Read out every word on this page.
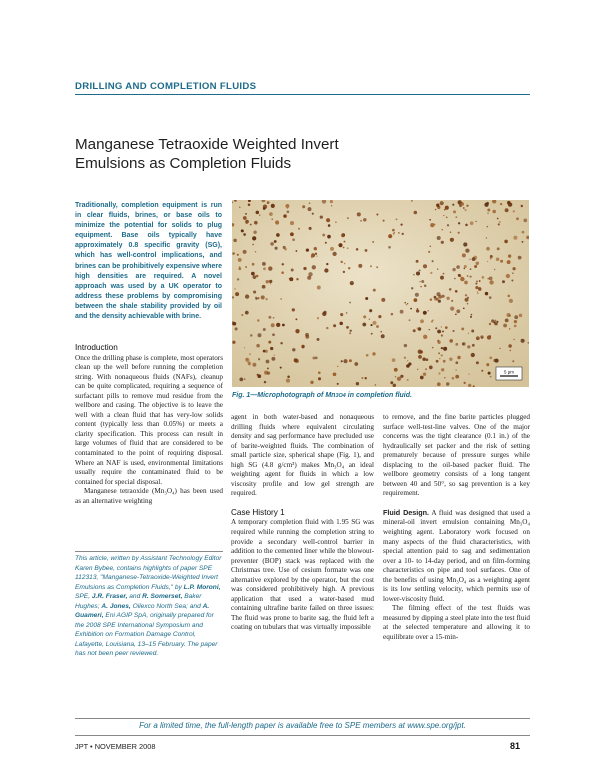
DRILLING AND COMPLETION FLUIDS
Manganese Tetraoxide Weighted Invert
Emulsions as Completion Fluids
Traditionally, completion equipment is run in clear fluids, brines, or base oils to minimize the potential for solids to plug equipment. Base oils typically have approximately 0.8 specific gravity (SG), which has well-control implications, and brines can be prohibitively expensive where high densities are required. A novel approach was used by a UK operator to address these problems by compromising between the shale stability provided by oil and the density achievable with brine.
5 μm
Fig. 1—Microphotograph of Mn3O4 in completion fluid.
Introduction

Once the drilling phase is complete, most operators clean up the well before running the completion string. With nonaqueous fluids (NAFs), cleanup can be quite complicated, requiring a sequence of surfactant pills to remove mud residue from the wellbore and casing. The objective is to leave the well with a clean fluid that has very-low solids content (typically less than 0.05%) or meets a clarity specification. This process can result in large volumes of fluid that are considered to be contaminated to the point of requiring disposal. Where an NAF is used, environmental limitations usually require the contaminated fluid to be contained for special disposal.

Manganese tetraoxide (Mn₃O₄) has been used as an alternative weighting

agent in both water-based and nonaqueous drilling fluids where equivalent circulating density and sag performance have precluded use of barite-weighted fluids. The combination of small particle size, spherical shape (Fig. 1), and high SG (4.8 g/cm³) makes Mn₃O₄ an ideal weighting agent for fluids in which a low viscosity profile and low gel strength are required.

Case History 1

A temporary completion fluid with 1.95 SG was required while running the completion string to provide a secondary well-control barrier in addition to the cemented liner while the blowout-preventer (BOP) stack was replaced with the Christmas tree. Use of cesium formate was one alternative explored by the operator, but the cost was considered prohibitively high. A previous application that used a water-based mud containing ultrafine barite failed on three issues: The fluid was prone to barite sag, the fluid left a coating on tubulars that was virtually impossible

to remove, and the fine barite particles plugged surface well-test-line valves. One of the major concerns was the tight clearance (0.1 in.) of the hydraulically set packer and the risk of setting prematurely because of pressure surges while displacing to the oil-based packer fluid. The wellbore geometry consists of a long tangent between 40 and 50°, so sag prevention is a key requirement.

Fluid Design. A fluid was designed that used a mineral-oil invert emulsion containing Mn₃O₄ weighting agent. Laboratory work focused on many aspects of the fluid characteristics, with special attention paid to sag and sedimentation over a 10- to 14-day period, and on film-forming characteristics on pipe and tool surfaces. One of the benefits of using Mn₃O₄ as a weighting agent is its low settling velocity, which permits use of lower-viscosity fluid.

The filming effect of the test fluids was measured by dipping a steel plate into the test fluid at the selected temperature and allowing it to equilibrate over a 15-min-

This article, written by Assistant Technology Editor Karen Bybee, contains highlights of paper SPE 112313, "Manganese-Tetraoxide-Weighted Invert Emulsions as Completion Fluids," by L.P. Moroni, SPE, J.R. Fraser, and R. Somerset, Baker Hughes; A. Jones, Oilexco North Sea; and A. Guameri, Eni AGIP SpA, originally prepared for the 2008 SPE International Symposium and Exhibition on Formation Damage Control, Lafayette, Louisiana, 13–15 February. The paper has not been peer reviewed.
For a limited time, the full-length paper is available free to SPE members at www.spe.org/jpt.
JPT • NOVEMBER 2008	81
